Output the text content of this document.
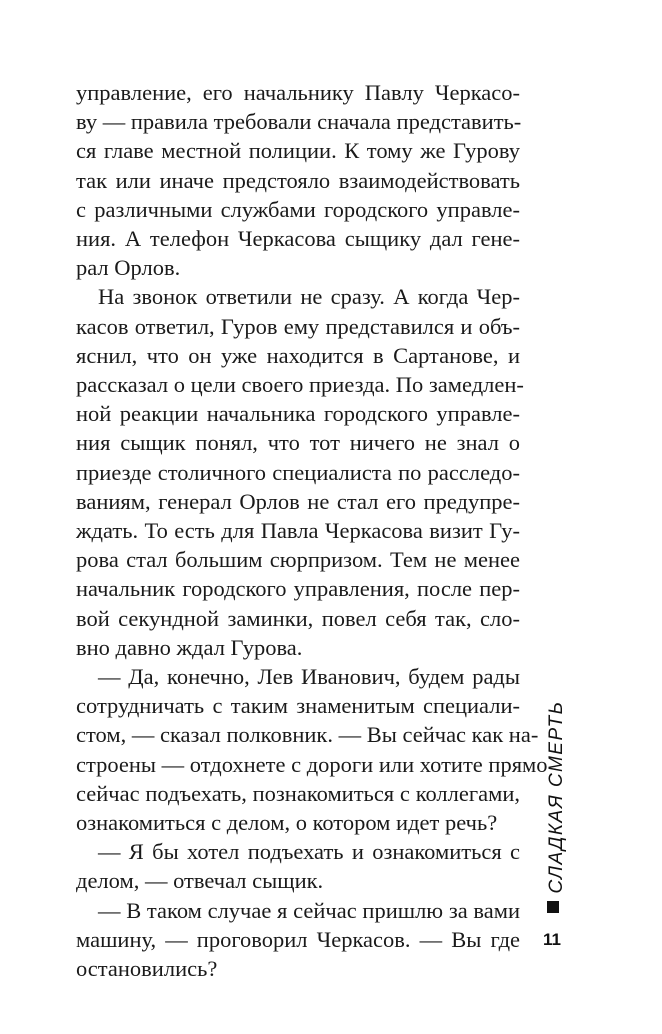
управление, его начальнику Павлу Черкасо-
ву — правила требовали сначала представить-
ся главе местной полиции. К тому же Гурову
так или иначе предстояло взаимодействовать
с различными службами городского управле-
ния. А телефон Черкасова сыщику дал гене-
рал Орлов.
На звонок ответили не сразу. А когда Чер-
касов ответил, Гуров ему представился и объ-
яснил, что он уже находится в Сартанове, и
рассказал о цели своего приезда. По замедлен-
ной реакции начальника городского управле-
ния сыщик понял, что тот ничего не знал о
приезде столичного специалиста по расследо-
ваниям, генерал Орлов не стал его предупре-
ждать. То есть для Павла Черкасова визит Гу-
рова стал большим сюрпризом. Тем не менее
начальник городского управления, после пер-
вой секундной заминки, повел себя так, сло-
вно давно ждал Гурова.
— Да, конечно, Лев Иванович, будем рады
сотрудничать с таким знаменитым специали-
стом, — сказал полковник. — Вы сейчас как на-
строены — отдохнете с дороги или хотите прямо
сейчас подъехать, познакомиться с коллегами,
ознакомиться с делом, о котором идет речь?
— Я бы хотел подъехать и ознакомиться с
делом, — отвечал сыщик.
— В таком случае я сейчас пришлю за вами
машину, — проговорил Черкасов. — Вы где
остановились?
СЛАДКАЯ СМЕРТЬ
11
